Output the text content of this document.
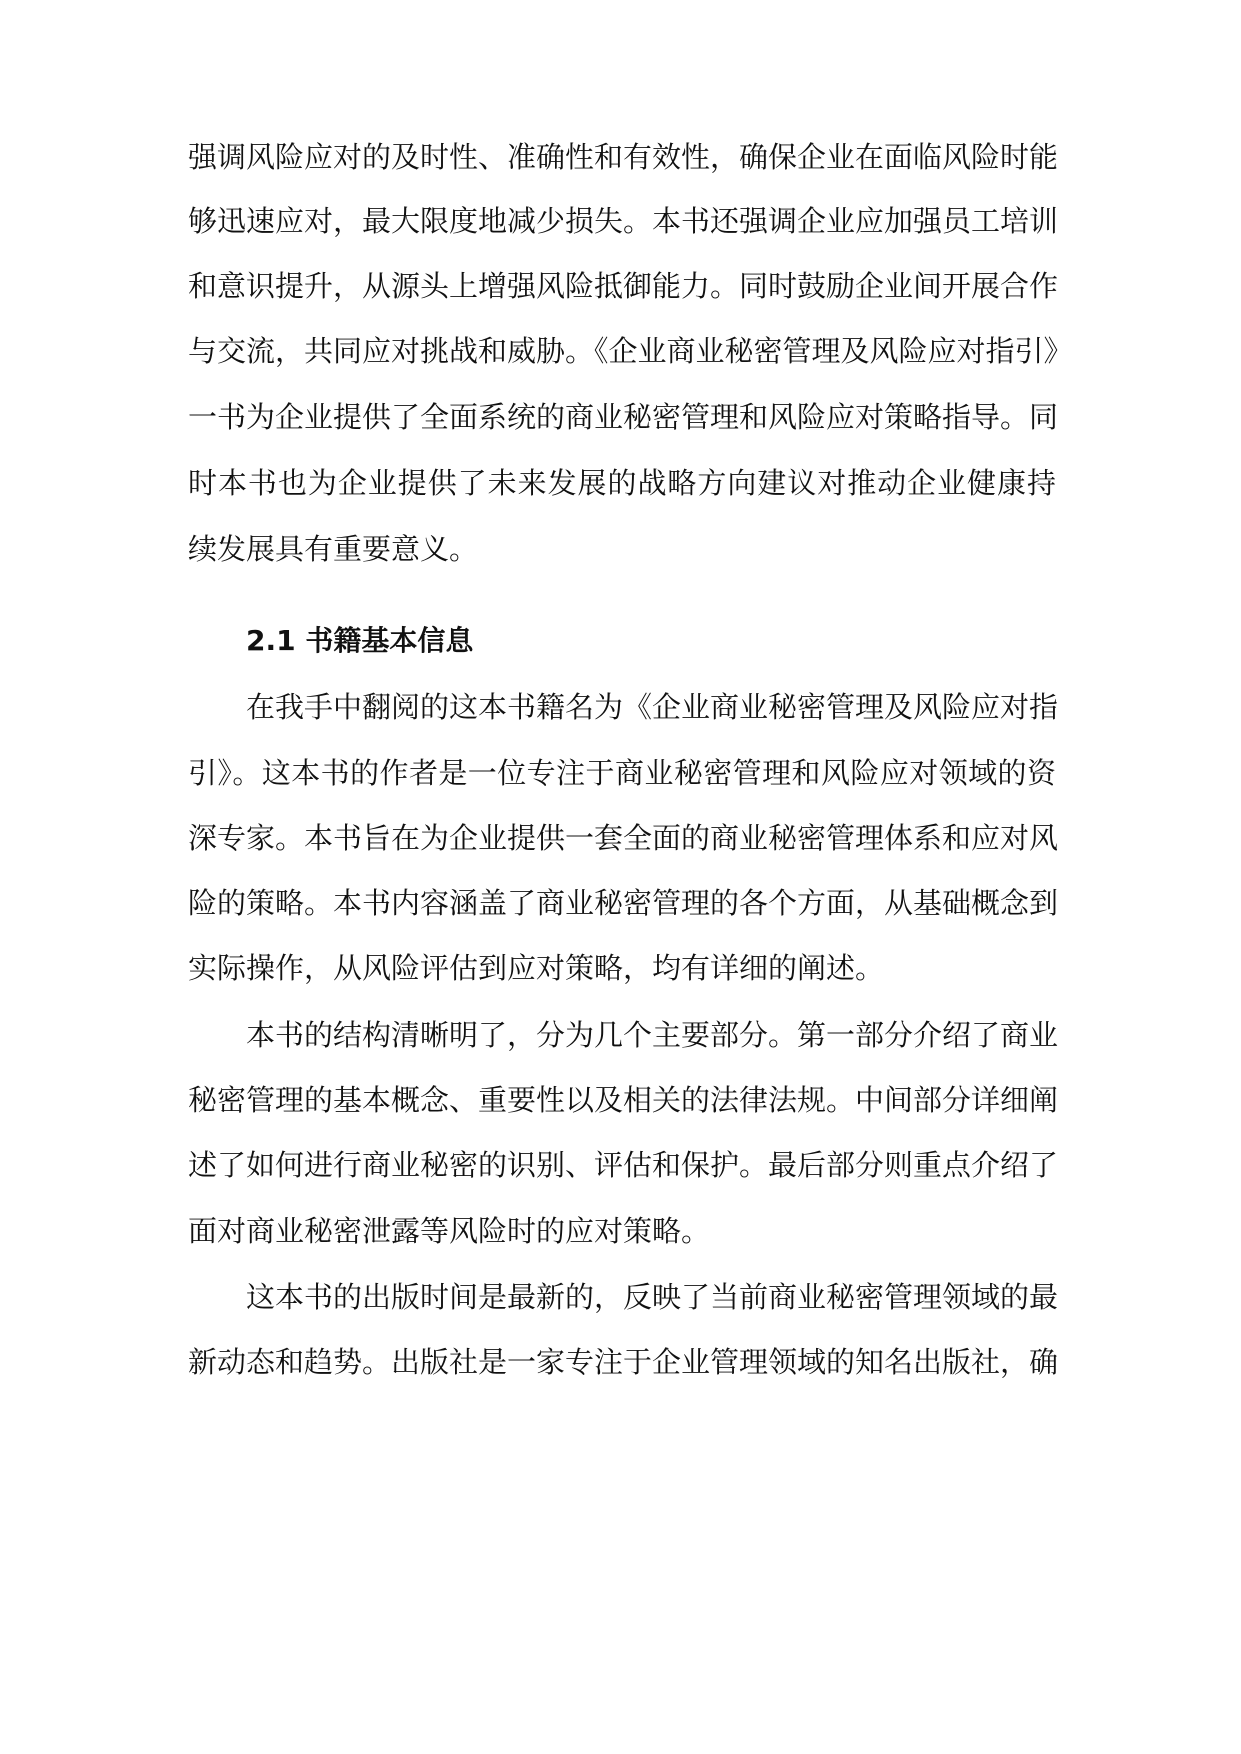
强调风险应对的及时性、准确性和有效性，确保企业在面临风险时能
够迅速应对，最大限度地减少损失。本书还强调企业应加强员工培训
和意识提升，从源头上增强风险抵御能力。同时鼓励企业间开展合作
与交流，共同应对挑战和威胁。《企业商业秘密管理及风险应对指引》
一书为企业提供了全面系统的商业秘密管理和风险应对策略指导。同
时本书也为企业提供了未来发展的战略方向建议对推动企业健康持
续发展具有重要意义。
2.1 书籍基本信息
在我手中翻阅的这本书籍名为《企业商业秘密管理及风险应对指
引》。这本书的作者是一位专注于商业秘密管理和风险应对领域的资
深专家。本书旨在为企业提供一套全面的商业秘密管理体系和应对风
险的策略。本书内容涵盖了商业秘密管理的各个方面，从基础概念到
实际操作，从风险评估到应对策略，均有详细的阐述。
本书的结构清晰明了，分为几个主要部分。第一部分介绍了商业
秘密管理的基本概念、重要性以及相关的法律法规。中间部分详细阐
述了如何进行商业秘密的识别、评估和保护。最后部分则重点介绍了
面对商业秘密泄露等风险时的应对策略。
这本书的出版时间是最新的，反映了当前商业秘密管理领域的最
新动态和趋势。出版社是一家专注于企业管理领域的知名出版社，确
